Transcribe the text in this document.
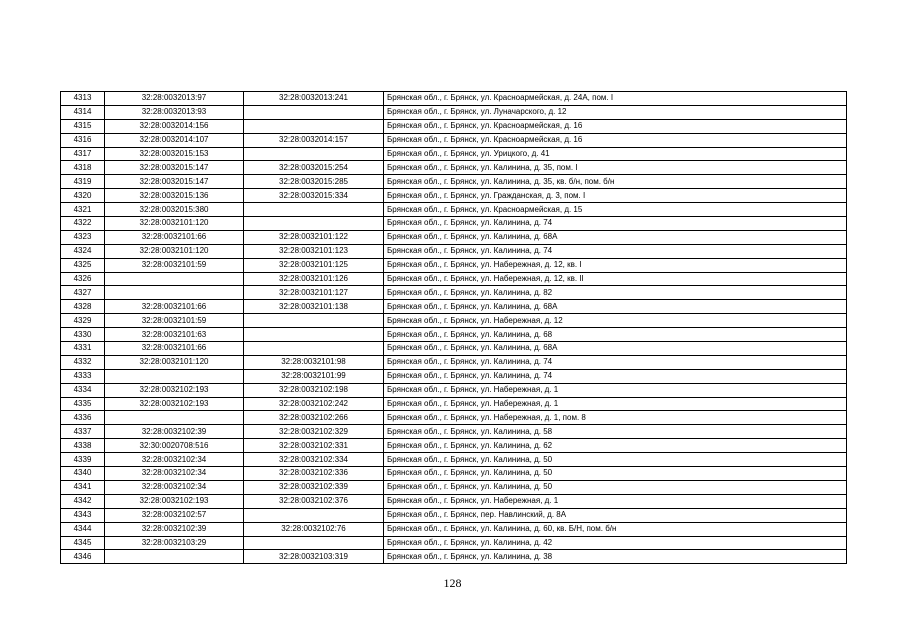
4313	32:28:0032013:97	32:28:0032013:241	Брянская обл., г. Брянск, ул. Красноармейская, д. 24А, пом. I
4314	32:28:0032013:93		Брянская обл., г. Брянск, ул. Луначарского, д. 12
4315	32:28:0032014:156		Брянская обл., г. Брянск, ул. Красноармейская, д. 16
4316	32:28:0032014:107	32:28:0032014:157	Брянская обл., г. Брянск, ул. Красноармейская, д. 16
4317	32:28:0032015:153		Брянская обл., г. Брянск, ул. Урицкого, д. 41
4318	32:28:0032015:147	32:28:0032015:254	Брянская обл., г. Брянск, ул. Калинина, д. 35, пом. I
4319	32:28:0032015:147	32:28:0032015:285	Брянская обл., г. Брянск, ул. Калинина, д. 35, кв. б/н, пом. б/н
4320	32:28:0032015:136	32:28:0032015:334	Брянская обл., г. Брянск, ул. Гражданская, д. 3, пом. I
4321	32:28:0032015:380		Брянская обл., г. Брянск, ул. Красноармейская, д. 15
4322	32:28:0032101:120		Брянская обл., г. Брянск, ул. Калинина, д. 74
4323	32:28:0032101:66	32:28:0032101:122	Брянская обл., г. Брянск, ул. Калинина, д. 68А
4324	32:28:0032101:120	32:28:0032101:123	Брянская обл., г. Брянск, ул. Калинина, д. 74
4325	32:28:0032101:59	32:28:0032101:125	Брянская обл., г. Брянск, ул. Набережная, д. 12, кв. I
4326		32:28:0032101:126	Брянская обл., г. Брянск, ул. Набережная, д. 12, кв. II
4327		32:28:0032101:127	Брянская обл., г. Брянск, ул. Калинина, д. 82
4328	32:28:0032101:66	32:28:0032101:138	Брянская обл., г. Брянск, ул. Калинина, д. 68А
4329	32:28:0032101:59		Брянская обл., г. Брянск, ул. Набережная, д. 12
4330	32:28:0032101:63		Брянская обл., г. Брянск, ул. Калинина, д. 68
4331	32:28:0032101:66		Брянская обл., г. Брянск, ул. Калинина, д. 68А
4332	32:28:0032101:120	32:28:0032101:98	Брянская обл., г. Брянск, ул. Калинина, д. 74
4333		32:28:0032101:99	Брянская обл., г. Брянск, ул. Калинина, д. 74
4334	32:28:0032102:193	32:28:0032102:198	Брянская обл., г. Брянск, ул. Набережная, д. 1
4335	32:28:0032102:193	32:28:0032102:242	Брянская обл., г. Брянск, ул. Набережная, д. 1
4336		32:28:0032102:266	Брянская обл., г. Брянск, ул. Набережная, д. 1, пом. 8
4337	32:28:0032102:39	32:28:0032102:329	Брянская обл., г. Брянск, ул. Калинина, д. 58
4338	32:30:0020708:516	32:28:0032102:331	Брянская обл., г. Брянск, ул. Калинина, д. 62
4339	32:28:0032102:34	32:28:0032102:334	Брянская обл., г. Брянск, ул. Калинина, д. 50
4340	32:28:0032102:34	32:28:0032102:336	Брянская обл., г. Брянск, ул. Калинина, д. 50
4341	32:28:0032102:34	32:28:0032102:339	Брянская обл., г. Брянск, ул. Калинина, д. 50
4342	32:28:0032102:193	32:28:0032102:376	Брянская обл., г. Брянск, ул. Набережная, д. 1
4343	32:28:0032102:57		Брянская обл., г. Брянск, пер. Навлинский, д. 8А
4344	32:28:0032102:39	32:28:0032102:76	Брянская обл., г. Брянск, ул. Калинина, д. 60, кв. Б/Н, пом. б/н
4345	32:28:0032103:29		Брянская обл., г. Брянск, ул. Калинина, д. 42
4346		32:28:0032103:319	Брянская обл., г. Брянск, ул. Калинина, д. 38
128
